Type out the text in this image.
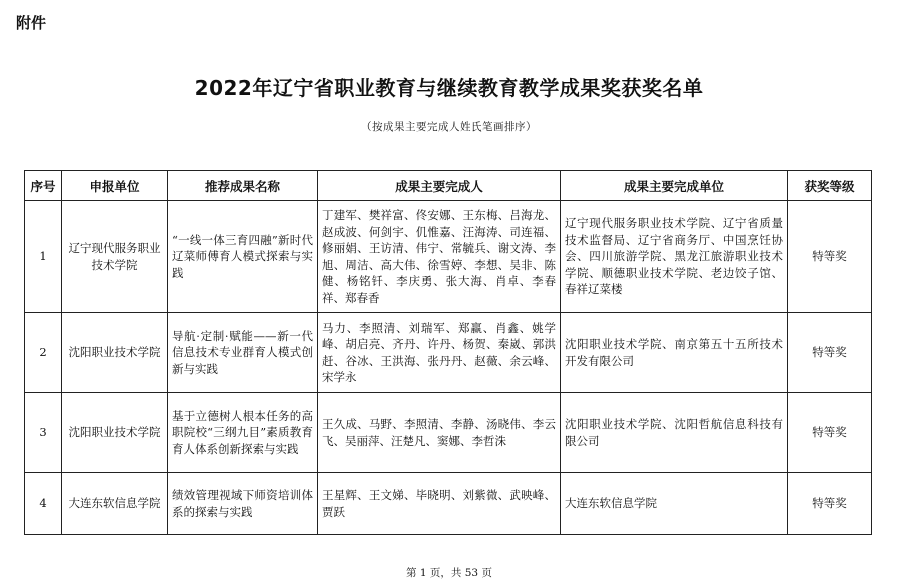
附件
2022年辽宁省职业教育与继续教育教学成果奖获奖名单
（按成果主要完成人姓氏笔画排序）
序号	申报单位	推荐成果名称	成果主要完成人	成果主要完成单位	获奖等级
1	辽宁现代服务职业技术学院	“一线一体三育四融”新时代辽菜师傅育人模式探索与实践	丁建军、樊祥富、佟安娜、王东梅、吕海龙、赵成波、何剑宇、仉惟嘉、汪海涛、司连福、修丽娟、王访清、伟宁、常毓兵、谢文涛、李旭、周洁、高大伟、徐雪婷、李想、吴非、陈健、杨铭钎、李庆勇、张大海、肖卓、李春祥、郑春香	辽宁现代服务职业技术学院、辽宁省质量技术监督局、辽宁省商务厅、中国烹饪协会、四川旅游学院、黑龙江旅游职业技术学院、顺德职业技术学院、老边饺子馆、春祥辽菜楼	特等奖
2	沈阳职业技术学院	导航·定制·赋能——新一代信息技术专业群育人模式创新与实践	马力、李照清、刘瑞军、郑赢、肖鑫、姚学峰、胡启亮、齐丹、许丹、杨贺、秦崴、郭洪赶、谷冰、王洪海、张丹丹、赵薇、余云峰、宋学永	沈阳职业技术学院、南京第五十五所技术开发有限公司	特等奖
3	沈阳职业技术学院	基于立德树人根本任务的高职院校“三纲九目”素质教育育人体系创新探索与实践	王久成、马野、李照清、李静、汤晓伟、李云飞、吴丽萍、汪楚凡、窦娜、李哲洙	沈阳职业技术学院、沈阳哲航信息科技有限公司	特等奖
4	大连东软信息学院	绩效管理视域下师资培训体系的探索与实践	王星辉、王文娣、毕晓明、刘紫微、武映峰、贾跃	大连东软信息学院	特等奖
第 1 页，共 53 页
